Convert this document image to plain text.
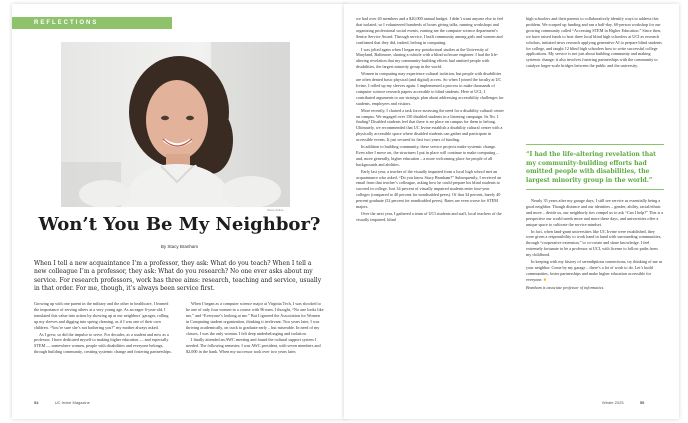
REFLECTIONS
Steve Zylius
Won’t You Be My Neighbor?
By Stacy Branham

When I tell a new acquaintance I’m a professor, they ask: What do you teach? When I tell a new colleague I’m a professor, they ask: What do you research? No one ever asks about my service. For research professors, work has three aims: research, teaching and service, usually in that order. For me, though, it’s always been service first.

Growing up with one parent in the military and the other in healthcare, I learned the importance of serving others at a very young age. As an eager 6-year-old, I translated this value into action by showing up at our neighbors’ garages, rolling up my sleeves and digging into spring cleaning, as if I was one of their own children. “You’re sure she’s not bothering you?” my mother always asked.

As I grew, so did the impulse to serve. For decades, as a student and now as a professor, I have dedicated myself to making higher education — and especially STEM — somewhere women, people with disabilities and everyone belongs, through building community, creating systemic change and fostering partnerships.

When I began as a computer science major at Virginia Tech, I was shocked to be one of only four women in a course with 96 men. I thought, “No one looks like me,” and “Everyone’s looking at me.” But I ignored the Association for Women in Computing student organization, thinking it irrelevant. Two years later, I was thriving academically, on track to graduate early – but miserable. In need of my classes, I was the only woman. I felt deep underbelonging and isolation.

I finally attended an AWC meeting and found the cultural support system I needed. The following semester, I was AWC president, with seven members and $2,000 in the bank. When my successor took over two years later,

54	UC Irvine Magazine

we had over 40 members and a $20,000 annual budget. I didn’t want anyone else to feel that isolated, so I volunteered hundreds of hours giving talks, running workshops and organizing professional social events, earning me the computer science department’s Senior Service Award. Through service, I built community among girls and women and confirmed that they did, indeed, belong in computing.

I was jolted again when I began my postdoctoral studies at the University of Maryland, Baltimore, sharing a cubicle with a blind software engineer. I had the life-altering revelation that my community-building efforts had omitted people with disabilities, the largest minority group in the world.

Women in computing may experience cultural isolation, but people with disabilities are often denied basic physical (and digital) access. So when I joined the faculty at UC Irvine, I rolled up my sleeves again. I implemented a process to make thousands of computer science research papers accessible to blind students. Here at UCI, I contributed arguments to our strategic plan about addressing accessibility challenges for students, employees and visitors.

More recently, I chaired a task force assessing the need for a disability cultural center on campus. We engaged over 150 disabled students in a listening campaign. Its No. 1 finding? Disabled students feel that there is no place on campus for them to belong. Ultimately, we recommended that UC Irvine establish a disability cultural center with a physically accessible space where disabled students can gather and participate in accessible events. It just secured its first two years of funding.

In addition to building community, these service projects make systemic change. Even after I move on, the structures I put in place will continue to make computing – and, more generally, higher education – a more welcoming place for people of all backgrounds and abilities.

Early last year, a teacher of the visually impaired from a local high school met an acquaintance who asked, “Do you know Stacy Branham?” Subsequently, I received an email from that teacher’s colleague, asking how he could prepare his blind students to succeed in college. Just 34 percent of visually impaired students enter four-year colleges (compared to 40 percent for nondisabled peers). Of that 34 percent, barely 40 percent graduate (52 percent for nondisabled peers). Rates are even worse for STEM majors.

Over the next year, I gathered a team of UCI students and staff, local teachers of the visually impaired, blind

high schoolers and their parents to collaboratively identify ways to address this problem. We scraped up funding and ran a half-day, 60-person workshop for our growing community called “Accessing STEM in Higher Education.” Since then, we have raised funds to host three local blind high schoolers at UCI as research scholars, initiated news research applying generative AI to prepare blind students for college, and taught 12 blind high schoolers how to write successful college applications. My service is not just about building community and making systemic change; it also involves fostering partnerships with the community to catalyze larger-scale bridges between the public and the university.

“I had the life-altering revelation that my community-building efforts had omitted people with disabilities, the largest minority group in the world.”

Nearly 35 years after my garage days, I still see service as essentially being a good neighbor. Though distance and our identities – gender, ability, racial/ethnic and more – divide us, our neighborly ties compel us to ask “Can I help?” This is a perspective our world needs more and more these days, and universities offer a unique space to cultivate the service mindset.

In fact, when land-grant universities like UC Irvine were established, they were given a responsibility to work hand in hand with surrounding communities, through “cooperative extension,” to co-create and share knowledge. I feel extremely fortunate to be a professor at UCI, with license to follow paths from my childhood.

In keeping with my history of serendipitous connections, try thinking of me as your neighbor. Come by my garage – there’s a lot of work to do. Let’s build communities, foster partnerships and make higher education accessible for everyone. ■

Branham is associate professor of informatics.

Winter 2025	55
